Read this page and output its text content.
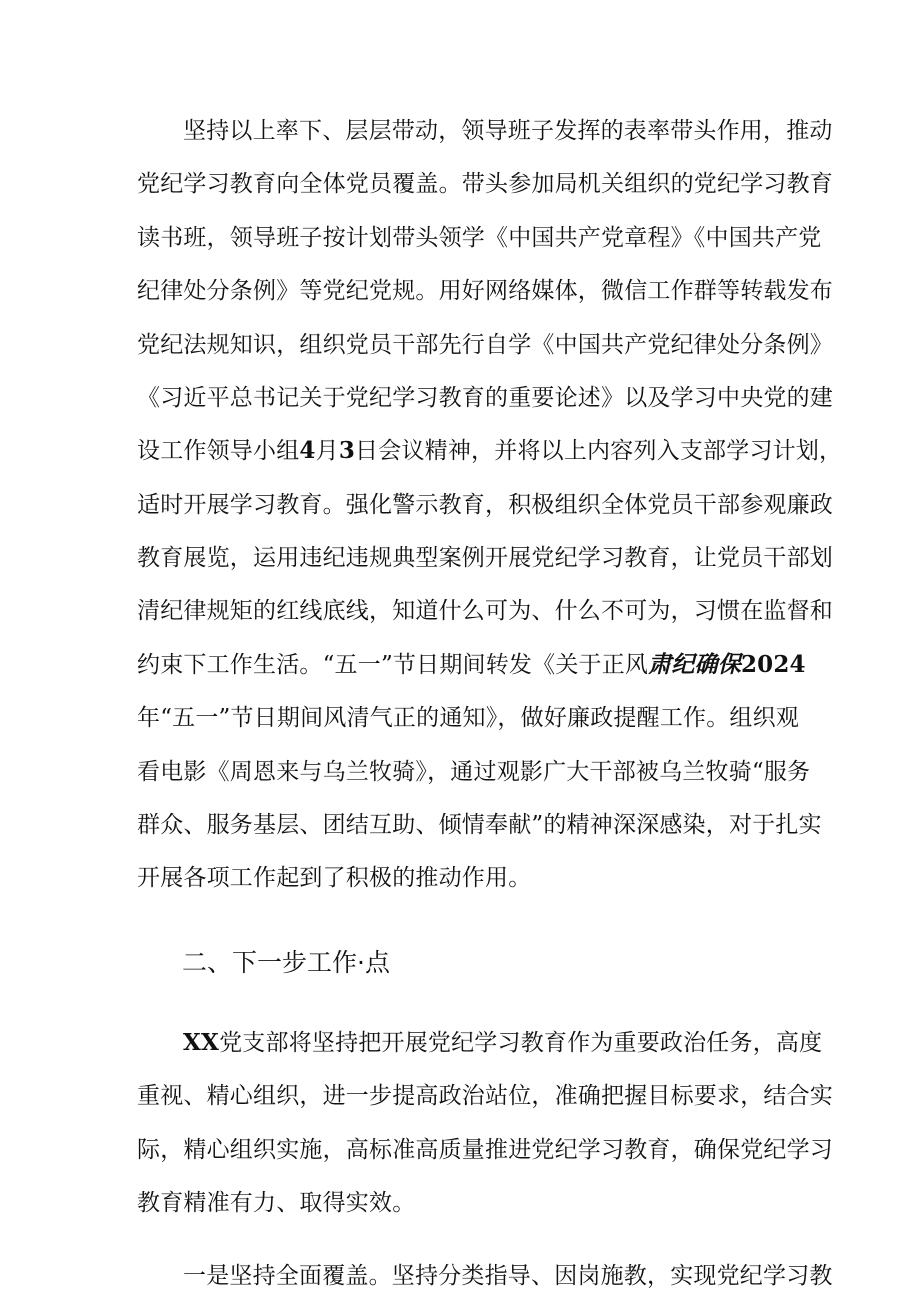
坚持以上率下、层层带动，领导班子发挥的表率带头作用，推动
党纪学习教育向全体党员覆盖。带头参加局机关组织的党纪学习教育
读书班，领导班子按计划带头领学《中国共产党章程》《中国共产党
纪律处分条例》等党纪党规。用好网络媒体，微信工作群等转载发布
党纪法规知识，组织党员干部先行自学《中国共产党纪律处分条例》
《习近平总书记关于党纪学习教育的重要论述》以及学习中央党的建
设工作领导小组4月3日会议精神，并将以上内容列入支部学习计划，
适时开展学习教育。强化警示教育，积极组织全体党员干部参观廉政
教育展览，运用违纪违规典型案例开展党纪学习教育，让党员干部划
清纪律规矩的红线底线，知道什么可为、什么不可为，习惯在监督和
约束下工作生活。“五一”节日期间转发《关于正风肃纪确保2024
年“五一”节日期间风清气正的通知》，做好廉政提醒工作。组织观
看电影《周恩来与乌兰牧骑》，通过观影广大干部被乌兰牧骑“服务
群众、服务基层、团结互助、倾情奉献”的精神深深感染，对于扎实
开展各项工作起到了积极的推动作用。
二、下一步工作·点
XX党支部将坚持把开展党纪学习教育作为重要政治任务，高度
重视、精心组织，进一步提高政治站位，准确把握目标要求，结合实
际，精心组织实施，高标准高质量推进党纪学习教育，确保党纪学习
教育精准有力、取得实效。
一是坚持全面覆盖。坚持分类指导、因岗施教，实现党纪学习教
